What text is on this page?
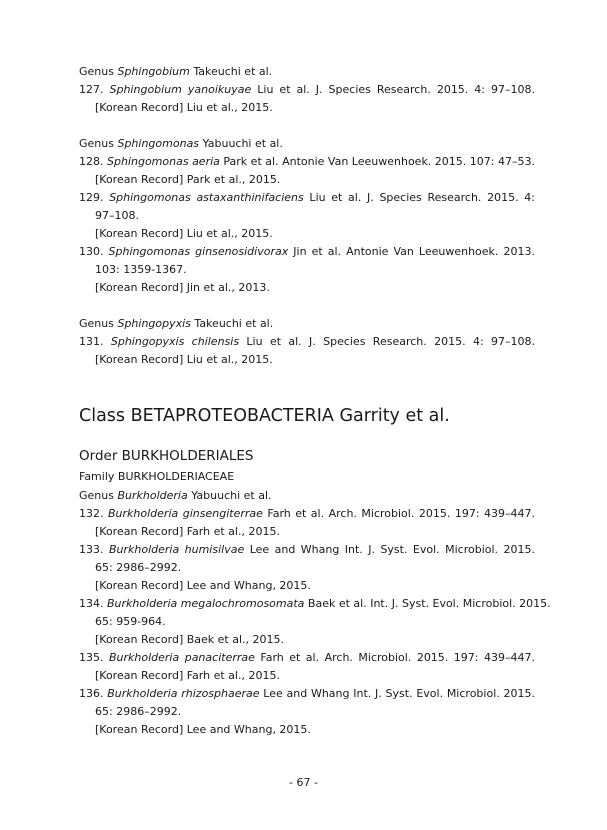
Genus Sphingobium Takeuchi et al.
127. Sphingobium yanoikuyae Liu et al. J. Species Research. 2015. 4: 97–108.
[Korean Record] Liu et al., 2015.
Genus Sphingomonas Yabuuchi et al.
128. Sphingomonas aeria Park et al. Antonie Van Leeuwenhoek. 2015. 107: 47–53.
[Korean Record] Park et al., 2015.
129. Sphingomonas astaxanthinifaciens Liu et al. J. Species Research. 2015. 4:
97–108.
[Korean Record] Liu et al., 2015.
130. Sphingomonas ginsenosidivorax Jin et al. Antonie Van Leeuwenhoek. 2013.
103: 1359-1367.
[Korean Record] Jin et al., 2013.
Genus Sphingopyxis Takeuchi et al.
131. Sphingopyxis chilensis Liu et al. J. Species Research. 2015. 4: 97–108.
[Korean Record] Liu et al., 2015.
Class BETAPROTEOBACTERIA Garrity et al.
Order BURKHOLDERIALES
Family BURKHOLDERIACEAE
Genus Burkholderia Yabuuchi et al.
132. Burkholderia ginsengiterrae Farh et al. Arch. Microbiol. 2015. 197: 439–447.
[Korean Record] Farh et al., 2015.
133. Burkholderia humisilvae Lee and Whang Int. J. Syst. Evol. Microbiol. 2015.
65: 2986–2992.
[Korean Record] Lee and Whang, 2015.
134. Burkholderia megalochromosomata Baek et al. Int. J. Syst. Evol. Microbiol. 2015.
65: 959-964.
[Korean Record] Baek et al., 2015.
135. Burkholderia panaciterrae Farh et al. Arch. Microbiol. 2015. 197: 439–447.
[Korean Record] Farh et al., 2015.
136. Burkholderia rhizosphaerae Lee and Whang Int. J. Syst. Evol. Microbiol. 2015.
65: 2986–2992.
[Korean Record] Lee and Whang, 2015.
- 67 -
